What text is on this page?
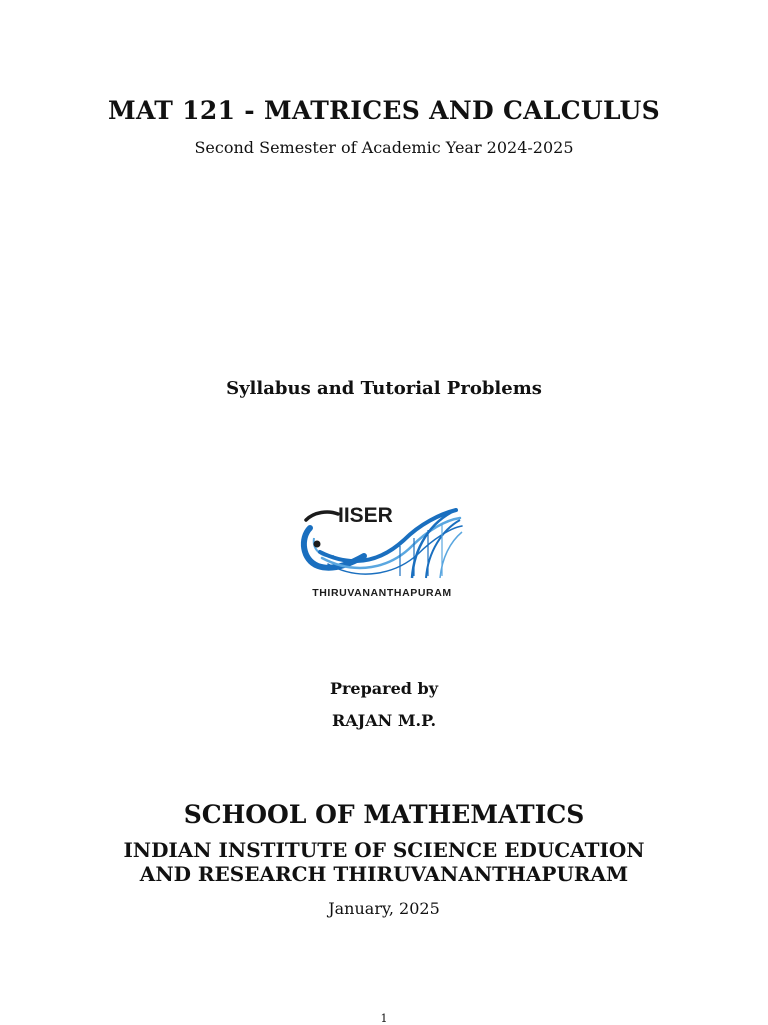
MAT 121 - MATRICES AND CALCULUS
Second Semester of Academic Year 2024-2025
Syllabus and Tutorial Problems
IISER
THIRUVANANTHAPURAM
Prepared by
RAJAN M.P.
SCHOOL OF MATHEMATICS
INDIAN INSTITUTE OF SCIENCE EDUCATION
AND RESEARCH THIRUVANANTHAPURAM
January, 2025
1
